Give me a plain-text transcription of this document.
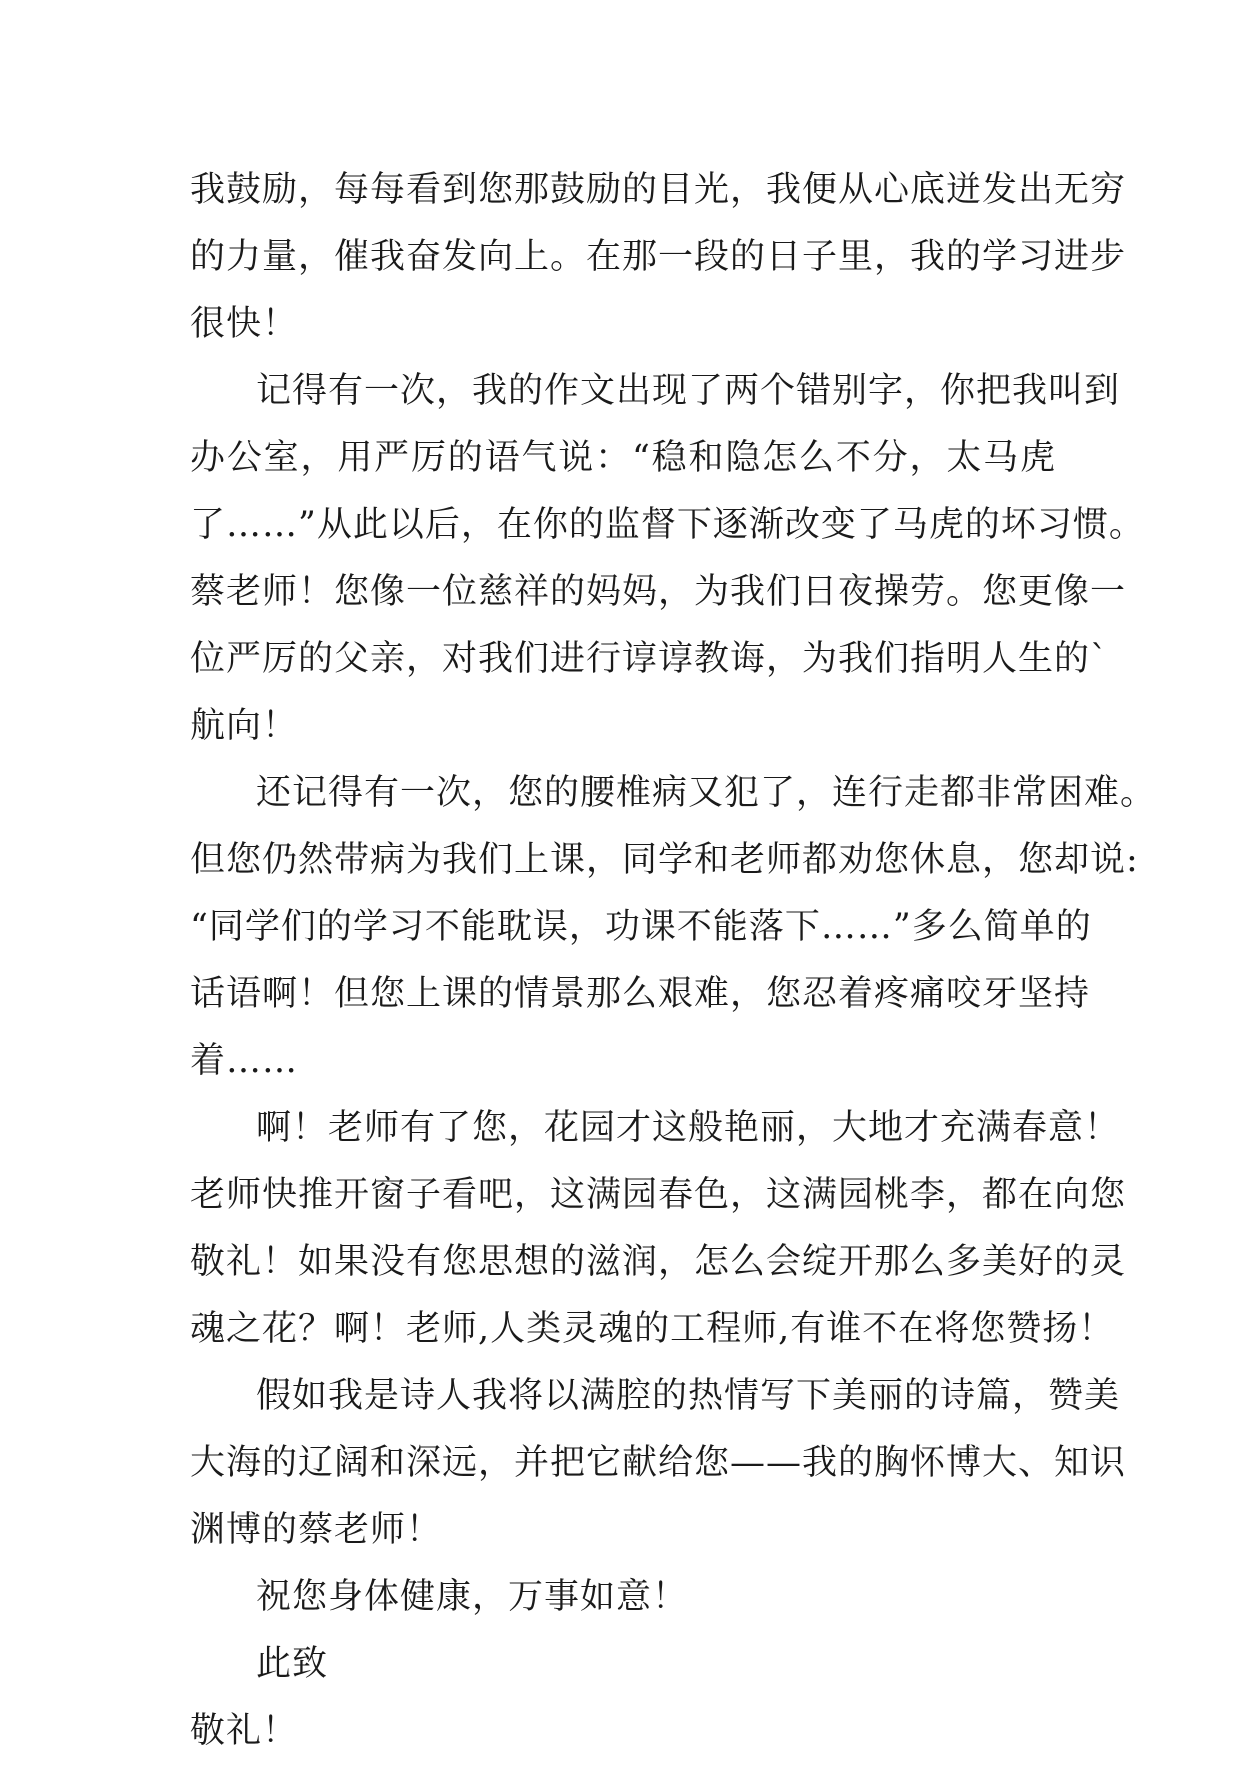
我鼓励，每每看到您那鼓励的目光，我便从心底迸发出无穷
的力量，催我奋发向上。在那一段的日子里，我的学习进步
很快！
记得有一次，我的作文出现了两个错别字，你把我叫到
办公室，用严厉的语气说：“稳和隐怎么不分，太马虎
了……”从此以后，在你的监督下逐渐改变了马虎的坏习惯。
蔡老师！您像一位慈祥的妈妈，为我们日夜操劳。您更像一
位严厉的父亲，对我们进行谆谆教诲，为我们指明人生的`
航向！
还记得有一次，您的腰椎病又犯了，连行走都非常困难。
但您仍然带病为我们上课，同学和老师都劝您休息，您却说:
“同学们的学习不能耽误，功课不能落下……”多么简单的
话语啊！但您上课的情景那么艰难，您忍着疼痛咬牙坚持
着……
啊！老师有了您，花园才这般艳丽，大地才充满春意！
老师快推开窗子看吧，这满园春色，这满园桃李，都在向您
敬礼！如果没有您思想的滋润，怎么会绽开那么多美好的灵
魂之花？啊！老师,人类灵魂的工程师,有谁不在将您赞扬！
假如我是诗人我将以满腔的热情写下美丽的诗篇，赞美
大海的辽阔和深远，并把它献给您——我的胸怀博大、知识
渊博的蔡老师！
祝您身体健康，万事如意！
此致
敬礼！
